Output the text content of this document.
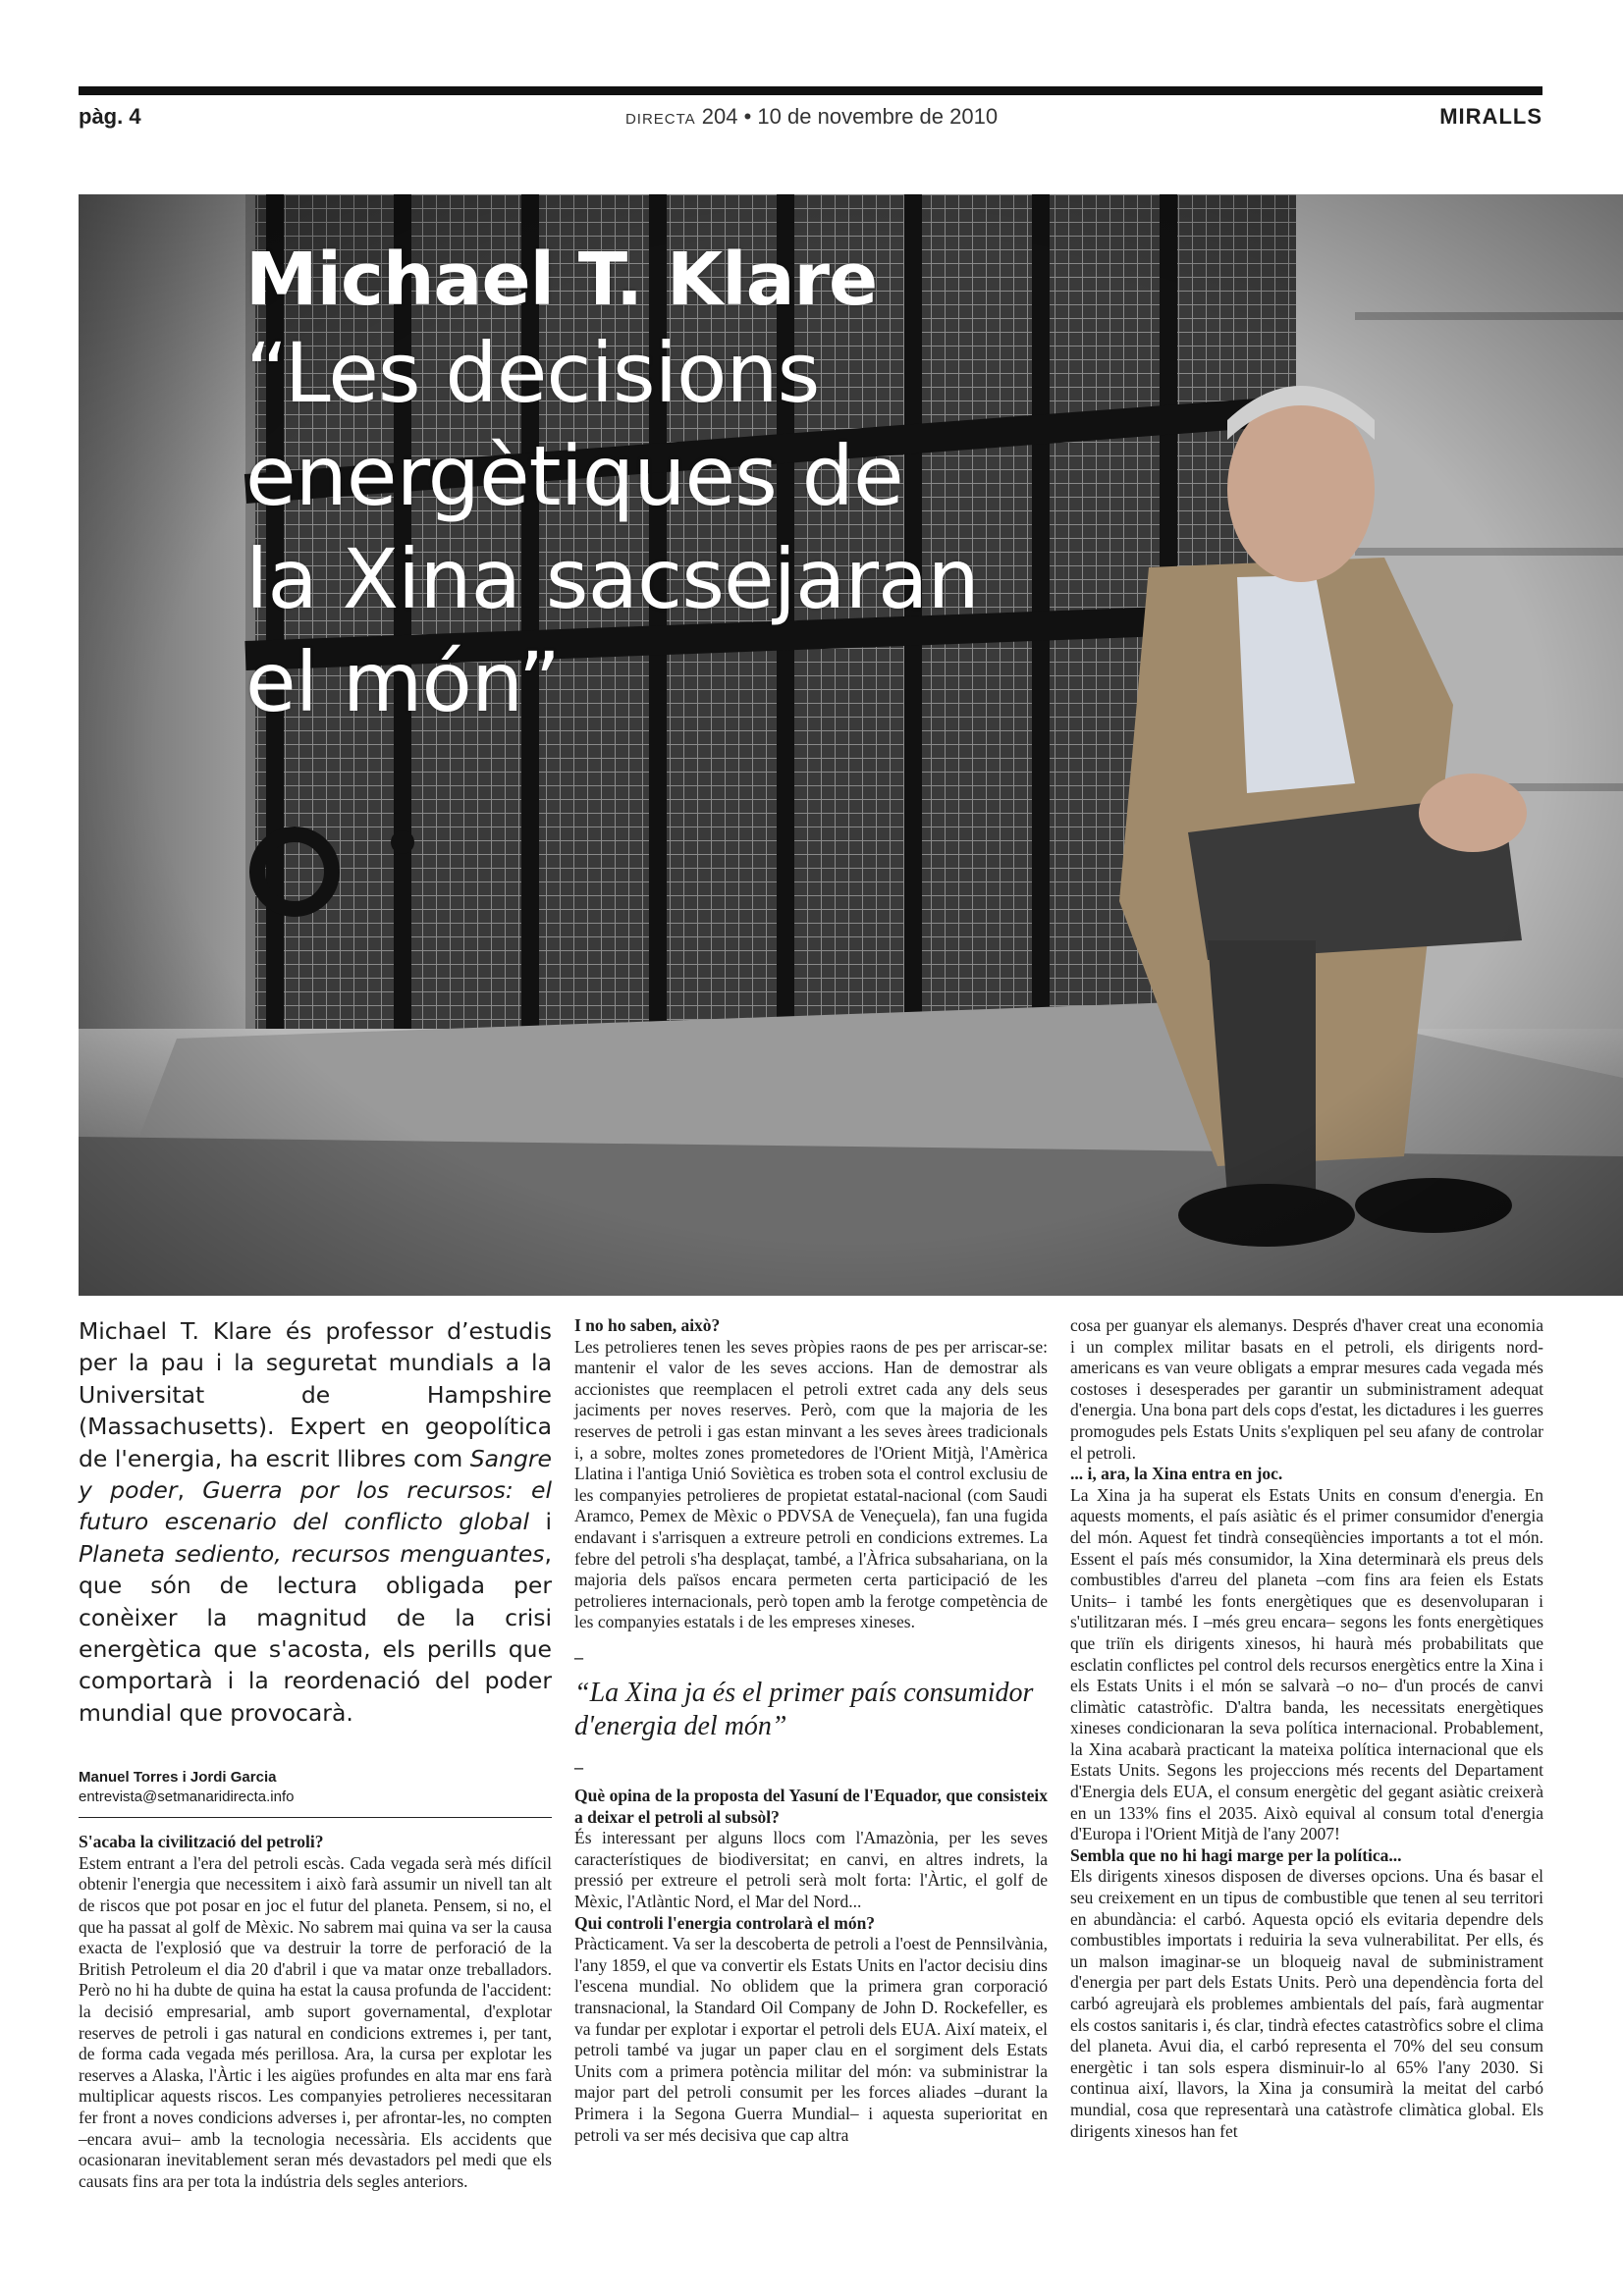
pàg. 4	DIRECTA 204 • 10 de novembre de 2010	MIRALLS
Michael T. Klare
“Les decisions
energètiques de
la Xina sacsejaran
el món”

Michael T. Klare és professor d’estudis per la pau i la seguretat mundials a la Universitat de Hampshire (Massachusetts). Expert en geopolítica de l'energia, ha escrit llibres com Sangre y poder, Guerra por los recursos: el futuro escenario del conflicto global i Planeta sediento, recursos menguantes, que són de lectura obligada per conèixer la magnitud de la crisi energètica que s'acosta, els perills que comportarà i la reordenació del poder mundial que provocarà.

Manuel Torres i Jordi Garcia
entrevista@setmanaridirecta.info

S'acaba la civilització del petroli?

Estem entrant a l'era del petroli escàs. Cada vegada serà més difícil obtenir l'energia que necessitem i això farà assumir un nivell tan alt de riscos que pot posar en joc el futur del planeta. Pensem, si no, el que ha passat al golf de Mèxic. No sabrem mai quina va ser la causa exacta de l'explosió que va destruir la torre de perforació de la British Petroleum el dia 20 d'abril i que va matar onze treballadors. Però no hi ha dubte de quina ha estat la causa profunda de l'accident: la decisió empresarial, amb suport governamental, d'explotar reserves de petroli i gas natural en condicions extremes i, per tant, de forma cada vegada més perillosa. Ara, la cursa per explotar les reserves a Alaska, l'Àrtic i les aigües profundes en alta mar ens farà multiplicar aquests riscos. Les companyies petrolieres necessitaran fer front a noves condicions adverses i, per afrontar-les, no compten –encara avui– amb la tecnologia necessària. Els accidents que ocasionaran inevitablement seran més devastadors pel medi que els causats fins ara per tota la indústria dels segles anteriors.

I no ho saben, això?

Les petrolieres tenen les seves pròpies raons de pes per arriscar-se: mantenir el valor de les seves accions. Han de demostrar als accionistes que reemplacen el petroli extret cada any dels seus jaciments per noves reserves. Però, com que la majoria de les reserves de petroli i gas estan minvant a les seves àrees tradicionals i, a sobre, moltes zones prometedores de l'Orient Mitjà, l'Amèrica Llatina i l'antiga Unió Soviètica es troben sota el control exclusiu de les companyies petrolieres de propietat estatal-nacional (com Saudi Aramco, Pemex de Mèxic o PDVSA de Veneçuela), fan una fugida endavant i s'arrisquen a extreure petroli en condicions extremes. La febre del petroli s'ha desplaçat, també, a l'Àfrica subsahariana, on la majoria dels països encara permeten certa participació de les petrolieres internacionals, però topen amb la ferotge competència de les companyies estatals i de les empreses xineses.

–

“La Xina ja és el primer país consumidor d'energia del món”

–

Què opina de la proposta del Yasuní de l'Equador, que consisteix a deixar el petroli al subsòl?

És interessant per alguns llocs com l'Amazònia, per les seves característiques de biodiversitat; en canvi, en altres indrets, la pressió per extreure el petroli serà molt forta: l'Àrtic, el golf de Mèxic, l'Atlàntic Nord, el Mar del Nord...

Qui controli l'energia controlarà el món?

Pràcticament. Va ser la descoberta de petroli a l'oest de Pennsilvània, l'any 1859, el que va convertir els Estats Units en l'actor decisiu dins l'escena mundial. No oblidem que la primera gran corporació transnacional, la Standard Oil Company de John D. Rockefeller, es va fundar per explotar i exportar el petroli dels EUA. Així mateix, el petroli també va jugar un paper clau en el sorgiment dels Estats Units com a primera potència militar del món: va subministrar la major part del petroli consumit per les forces aliades –durant la Primera i la Segona Guerra Mundial– i aquesta superioritat en petroli va ser més decisiva que cap altra

cosa per guanyar els alemanys. Després d'haver creat una economia i un complex militar basats en el petroli, els dirigents nord-americans es van veure obligats a emprar mesures cada vegada més costoses i desesperades per garantir un subministrament adequat d'energia. Una bona part dels cops d'estat, les dictadures i les guerres promogudes pels Estats Units s'expliquen pel seu afany de controlar el petroli.

... i, ara, la Xina entra en joc.

La Xina ja ha superat els Estats Units en consum d'energia. En aquests moments, el país asiàtic és el primer consumidor d'energia del món. Aquest fet tindrà conseqüències importants a tot el món. Essent el país més consumidor, la Xina determinarà els preus dels combustibles d'arreu del planeta –com fins ara feien els Estats Units– i també les fonts energètiques que es desenvoluparan i s'utilitzaran més. I –més greu encara– segons les fonts energètiques que triïn els dirigents xinesos, hi haurà més probabilitats que esclatin conflictes pel control dels recursos energètics entre la Xina i els Estats Units i el món se salvarà –o no– d'un procés de canvi climàtic catastròfic. D'altra banda, les necessitats energètiques xineses condicionaran la seva política internacional. Probablement, la Xina acabarà practicant la mateixa política internacional que els Estats Units. Segons les projeccions més recents del Departament d'Energia dels EUA, el consum energètic del gegant asiàtic creixerà en un 133% fins el 2035. Això equival al consum total d'energia d'Europa i l'Orient Mitjà de l'any 2007!

Sembla que no hi hagi marge per la política...

Els dirigents xinesos disposen de diverses opcions. Una és basar el seu creixement en un tipus de combustible que tenen al seu territori en abundància: el carbó. Aquesta opció els evitaria dependre dels combustibles importats i reduiria la seva vulnerabilitat. Per ells, és un malson imaginar-se un bloqueig naval de subministrament d'energia per part dels Estats Units. Però una dependència forta del carbó agreujarà els problemes ambientals del país, farà augmentar els costos sanitaris i, és clar, tindrà efectes catastròfics sobre el clima del planeta. Avui dia, el carbó representa el 70% del seu consum energètic i tan sols espera disminuir-lo al 65% l'any 2030. Si continua així, llavors, la Xina ja consumirà la meitat del carbó mundial, cosa que representarà una catàstrofe climàtica global. Els dirigents xinesos han fet
